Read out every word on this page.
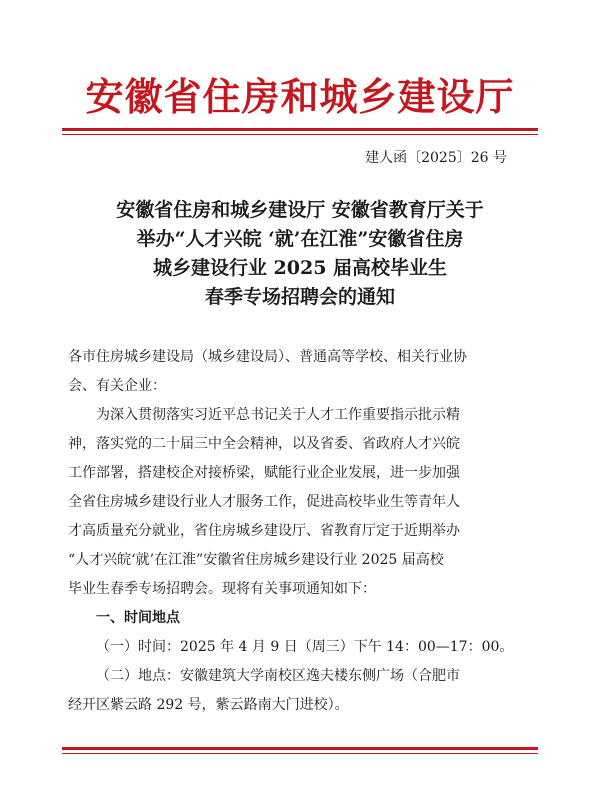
安徽省住房和城乡建设厅
建人函〔2025〕26 号
安徽省住房和城乡建设厅 安徽省教育厅关于
举办“人才兴皖 ‘就’在江淮”安徽省住房
城乡建设行业 2025 届高校毕业生
春季专场招聘会的通知
各市住房城乡建设局（城乡建设局）、普通高等学校、相关行业协
会、有关企业：
为深入贯彻落实习近平总书记关于人才工作重要指示批示精
神，落实党的二十届三中全会精神，以及省委、省政府人才兴皖
工作部署，搭建校企对接桥梁，赋能行业企业发展，进一步加强
全省住房城乡建设行业人才服务工作，促进高校毕业生等青年人
才高质量充分就业，省住房城乡建设厅、省教育厅定于近期举办
“人才兴皖‘就’在江淮”安徽省住房城乡建设行业 2025 届高校
毕业生春季专场招聘会。现将有关事项通知如下：
一、时间地点
（一）时间：2025 年 4 月 9 日（周三）下午 14：00—17：00。
（二）地点：安徽建筑大学南校区逸夫楼东侧广场（合肥市
经开区紫云路 292 号，紫云路南大门进校）。
